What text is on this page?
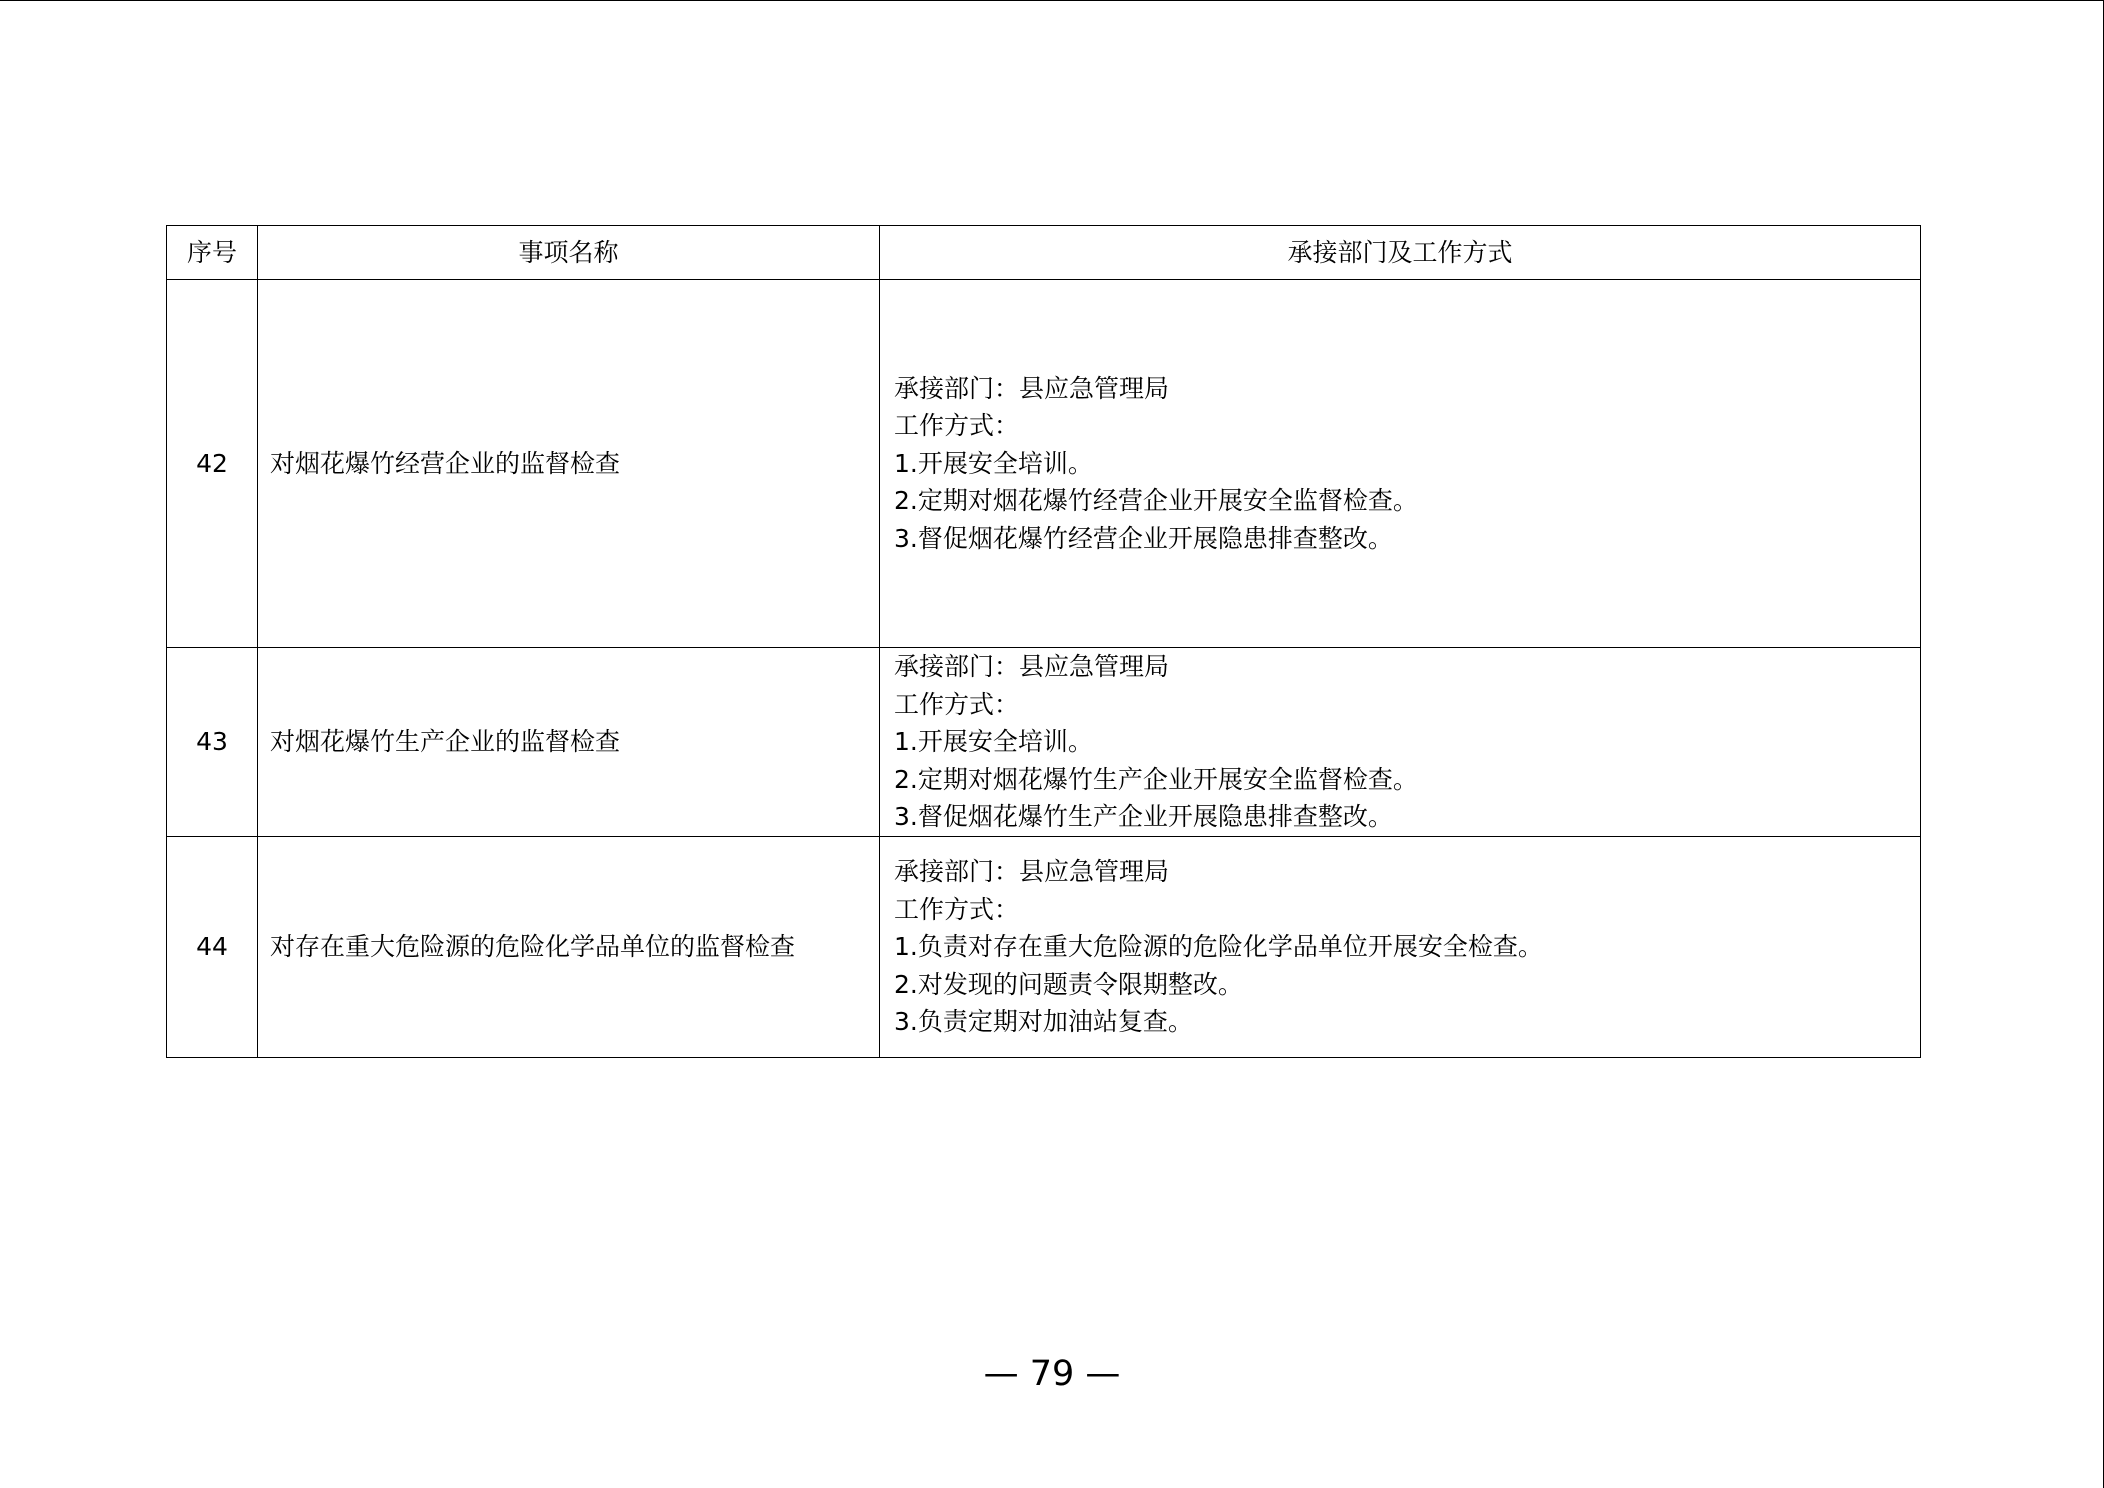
序号	事项名称	承接部门及工作方式
42	对烟花爆竹经营企业的监督检查	承接部门：县应急管理局
工作方式：
1.开展安全培训。
2.定期对烟花爆竹经营企业开展安全监督检查。
3.督促烟花爆竹经营企业开展隐患排查整改。

43	对烟花爆竹生产企业的监督检查	承接部门：县应急管理局
工作方式：
1.开展安全培训。
2.定期对烟花爆竹生产企业开展安全监督检查。
3.督促烟花爆竹生产企业开展隐患排查整改。

44	对存在重大危险源的危险化学品单位的监督检查	承接部门：县应急管理局
工作方式：
1.负责对存在重大危险源的危险化学品单位开展安全检查。
2.对发现的问题责令限期整改。
3.负责定期对加油站复查。
— 79 —
